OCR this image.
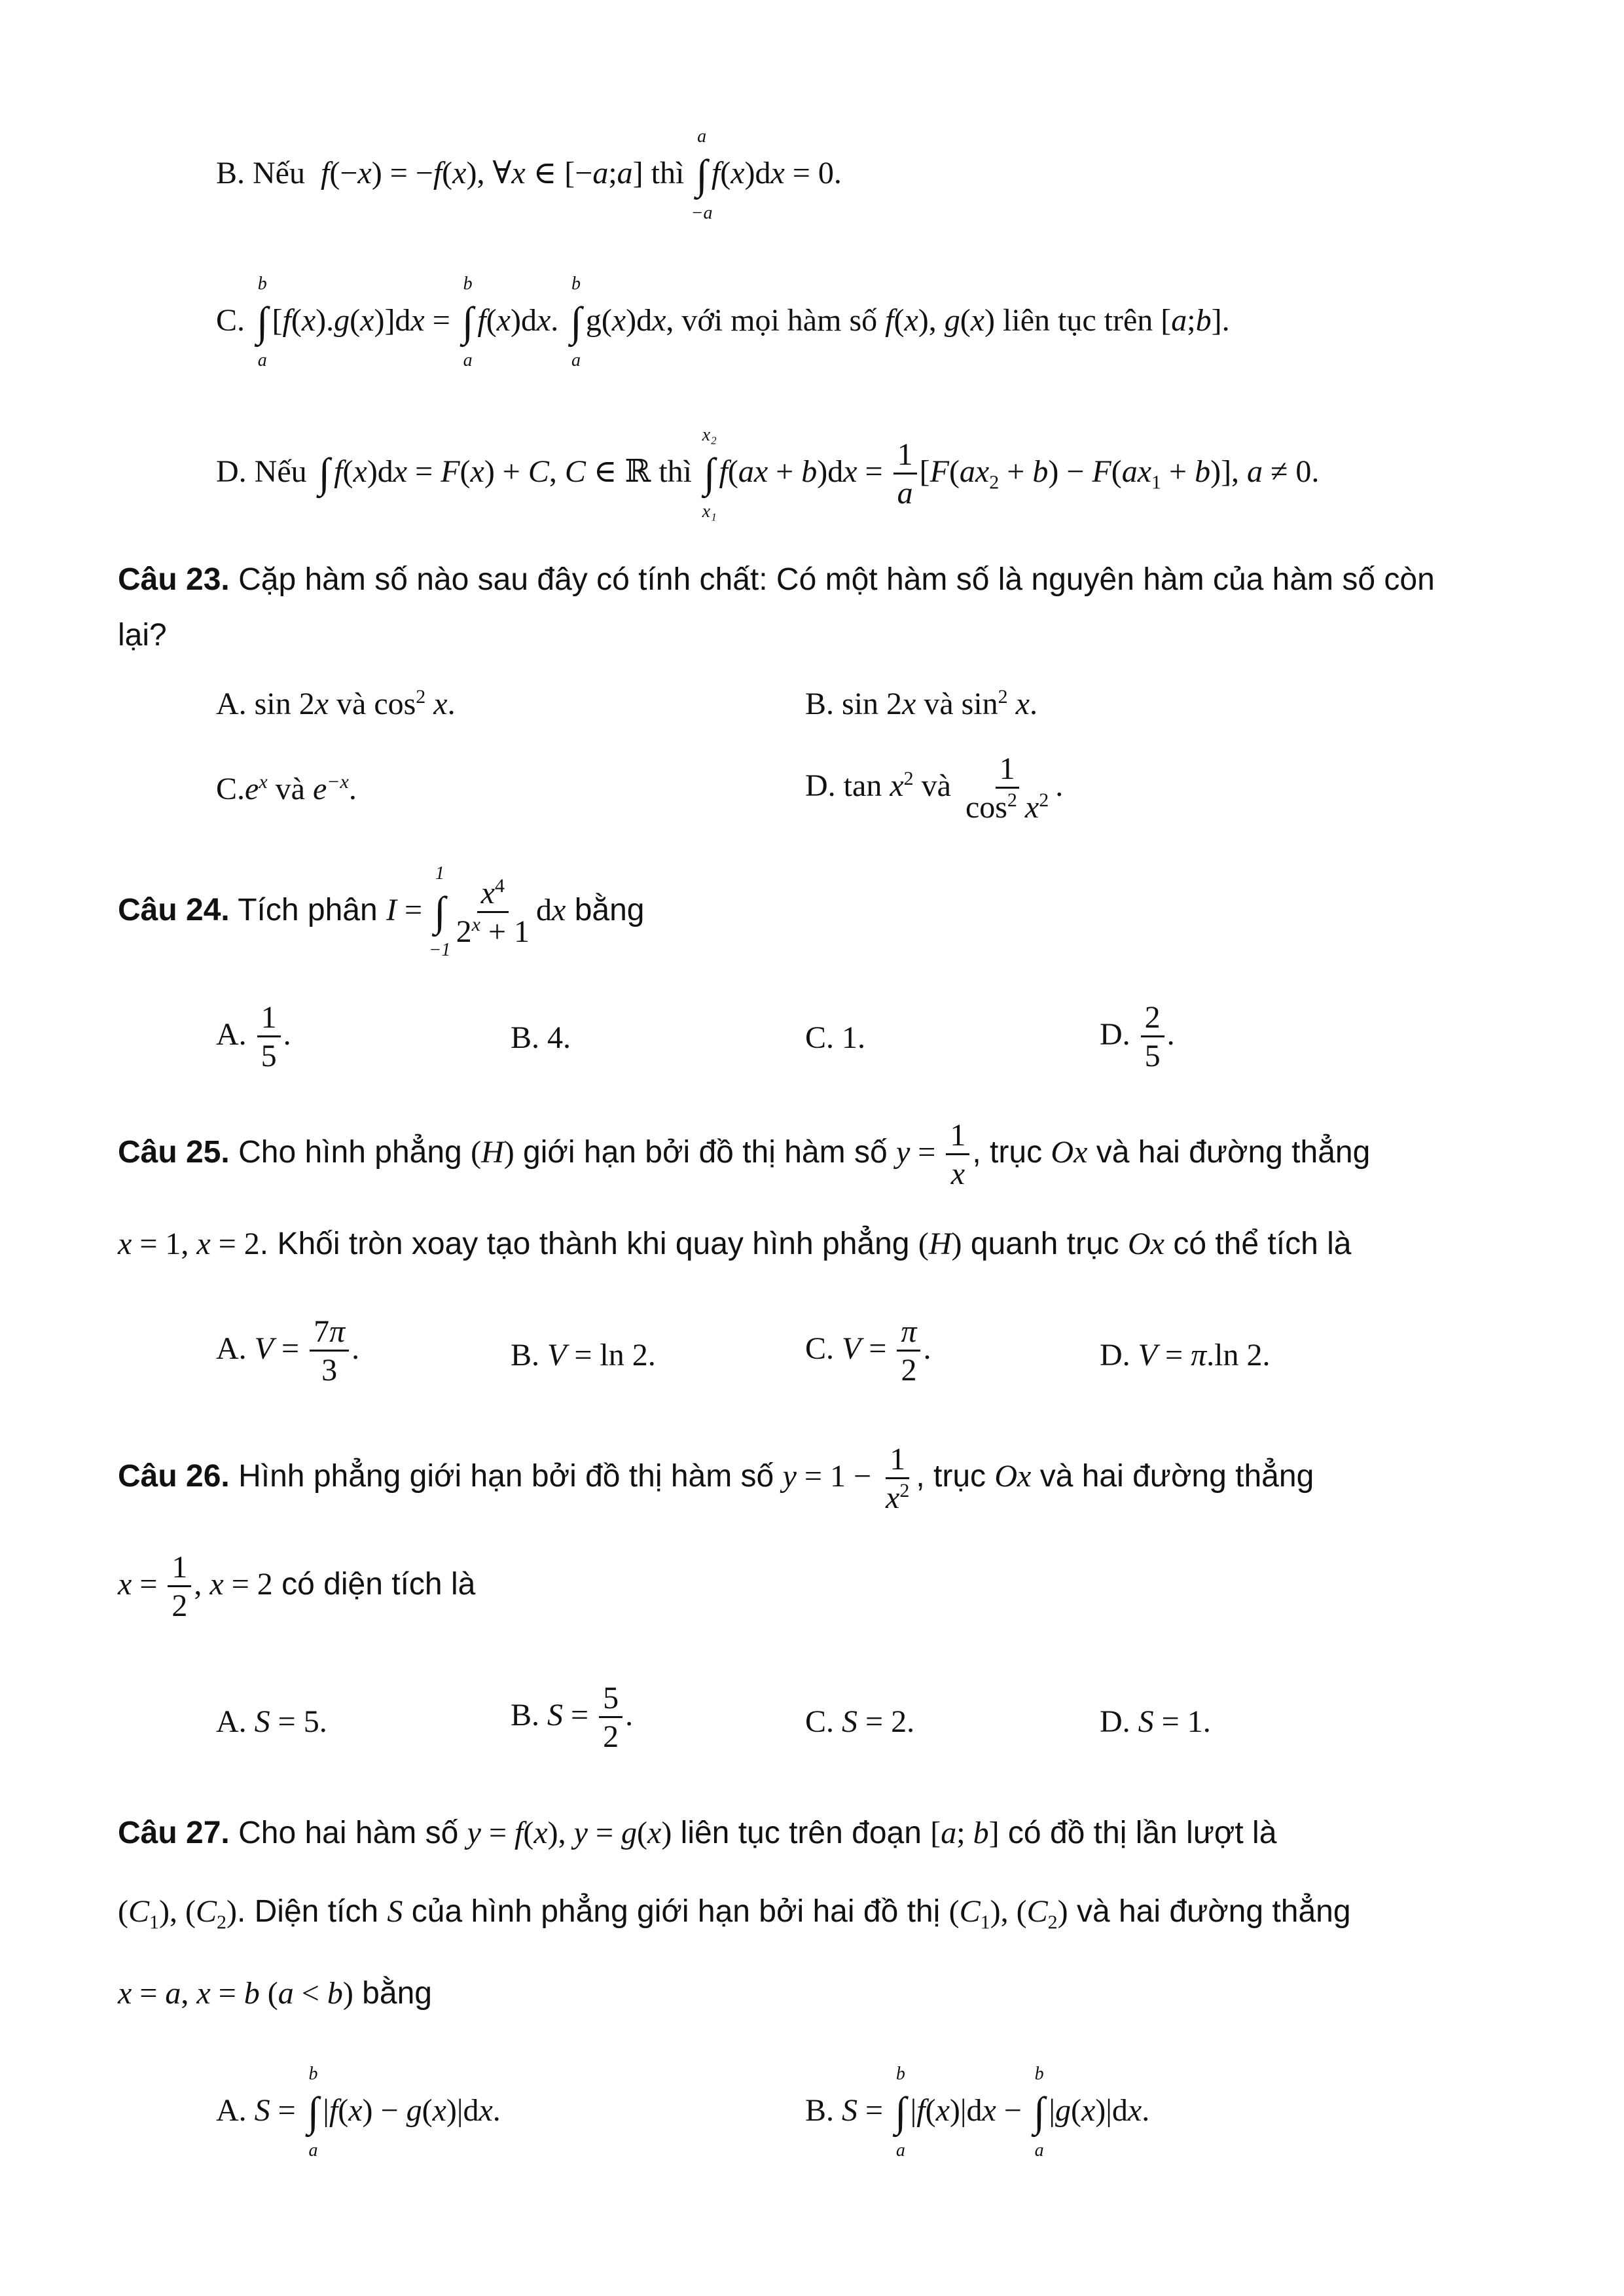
B. Nếu  f(−x) = −f(x), ∀x ∈ [−a;a] thì ∫
a
−a
f(x)dx = 0.
C. ∫
b
a
[f(x).g(x)]dx = ∫
b
a
f(x)dx. ∫
b
a
g(x)dx, với mọi hàm số f(x), g(x) liên tục trên [a;b].
D. Nếu ∫ f(x)dx = F(x) + C, C ∈ ℝ thì ∫
x₂
x₁
$f(ax + b)dx = \frac{1}{a} [F(ax_2 + b) - F(ax_1 + b)]$, a ≠ 0.
Câu 23. Cặp hàm số nào sau đây có tính chất: Có một hàm số là nguyên hàm của hàm số còn
lại?
A. sin 2x và $\cos^2 x$.	B. sin 2x và $\sin^2 x$.
$C.e^x$ và $e^{-x}$.	D. $\tan x^2$ và $\frac{1}{\cos^2 x^2}$ .
Câu 24. Tích phân I = ∫
1
−1
$\frac{x^4}{2^x + 1}$ dx bằng
A. $\frac{1}{5}$ .	B. 4.	C. 1.	D. $\frac{2}{5}$ .
Câu 25. Cho hình phẳng (H) giới hạn bởi đồ thị hàm số $y = \frac{1}{x}$ , trục Ox và hai đường thẳng
x = 1, x = 2. Khối tròn xoay tạo thành khi quay hình phẳng (H) quanh trục Ox có thể tích là
A. $V = \frac{7\pi}{3}$ .	B. V = ln 2.	C. $V = \frac{\pi}{2}$ .	D. V = π.ln 2.
Câu 26. Hình phẳng giới hạn bởi đồ thị hàm số $y = 1 - \frac{1}{x^2}$ , trục Ox và hai đường thẳng
$x = \frac{1}{2}$ , x = 2 có diện tích là
A. S = 5.	B. $S = \frac{5}{2}$ .	C. S = 2.	D. S = 1.
Câu 27. Cho hai hàm số y = f(x), y = g(x) liên tục trên đoạn [a; b] có đồ thị lần lượt là
$(C_1)$, $(C_2)$. Diện tích S của hình phẳng giới hạn bởi hai đồ thị $(C_1)$, $(C_2)$ và hai đường thẳng
x = a, x = b (a < b) bằng
A. S = ∫
b
a
|f(x) − g(x)|dx.	B. S = ∫
b
a
|f(x)|dx − ∫
b
a
|g(x)|dx.
